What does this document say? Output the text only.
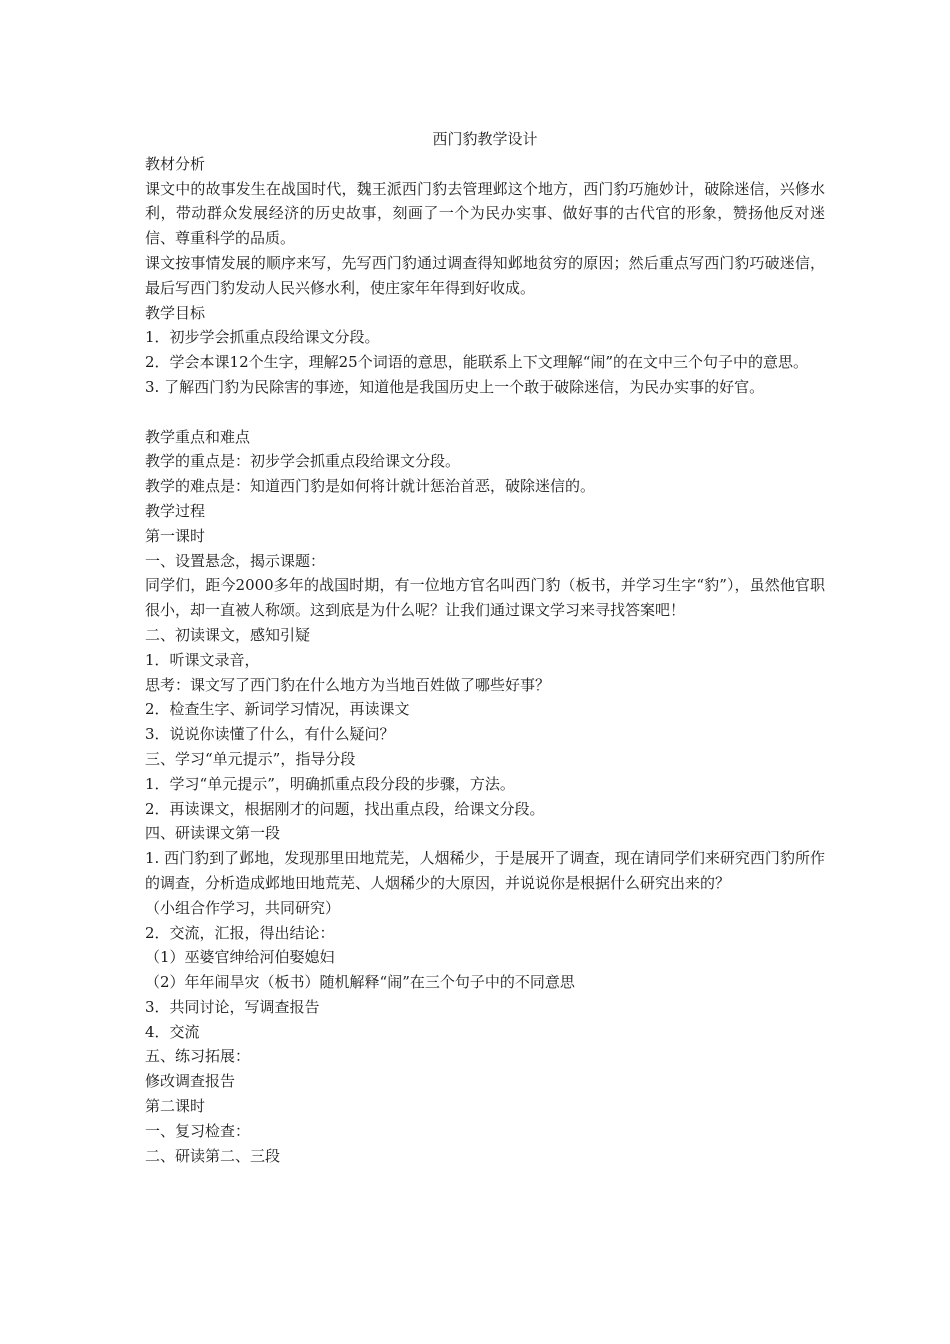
西门豹教学设计

教材分析

课文中的故事发生在战国时代，魏王派西门豹去管理邺这个地方，西门豹巧施妙计，破除迷信，兴修水利，带动群众发展经济的历史故事，刻画了一个为民办实事、做好事的古代官的形象，赞扬他反对迷信、尊重科学的品质。

课文按事情发展的顺序来写，先写西门豹通过调查得知邺地贫穷的原因；然后重点写西门豹巧破迷信，最后写西门豹发动人民兴修水利，使庄家年年得到好收成。

教学目标

1．初步学会抓重点段给课文分段。

2．学会本课12个生字，理解25个词语的意思，能联系上下文理解“闹”的在文中三个句子中的意思。

3. 了解西门豹为民除害的事迹，知道他是我国历史上一个敢于破除迷信，为民办实事的好官。

教学重点和难点

教学的重点是：初步学会抓重点段给课文分段。

教学的难点是：知道西门豹是如何将计就计惩治首恶，破除迷信的。

教学过程

第一课时

一、设置悬念，揭示课题：

同学们，距今2000多年的战国时期，有一位地方官名叫西门豹（板书，并学习生字“豹”），虽然他官职很小，却一直被人称颂。这到底是为什么呢？让我们通过课文学习来寻找答案吧！

二、初读课文，感知引疑

1．听课文录音，

思考：课文写了西门豹在什么地方为当地百姓做了哪些好事？

2．检查生字、新词学习情况，再读课文

3．说说你读懂了什么，有什么疑问？

三、学习“单元提示”，指导分段

1．学习“单元提示”，明确抓重点段分段的步骤，方法。

2．再读课文，根据刚才的问题，找出重点段，给课文分段。

四、研读课文第一段

1. 西门豹到了邺地，发现那里田地荒芜，人烟稀少，于是展开了调查，现在请同学们来研究西门豹所作的调查，分析造成邺地田地荒芜、人烟稀少的大原因，并说说你是根据什么研究出来的？

（小组合作学习，共同研究）

2．交流，汇报，得出结论：

（1）巫婆官绅给河伯娶媳妇

（2）年年闹旱灾（板书）随机解释“闹”在三个句子中的不同意思

3．共同讨论，写调查报告

4．交流

五、练习拓展：

修改调查报告

第二课时

一、复习检查：

二、研读第二、三段
